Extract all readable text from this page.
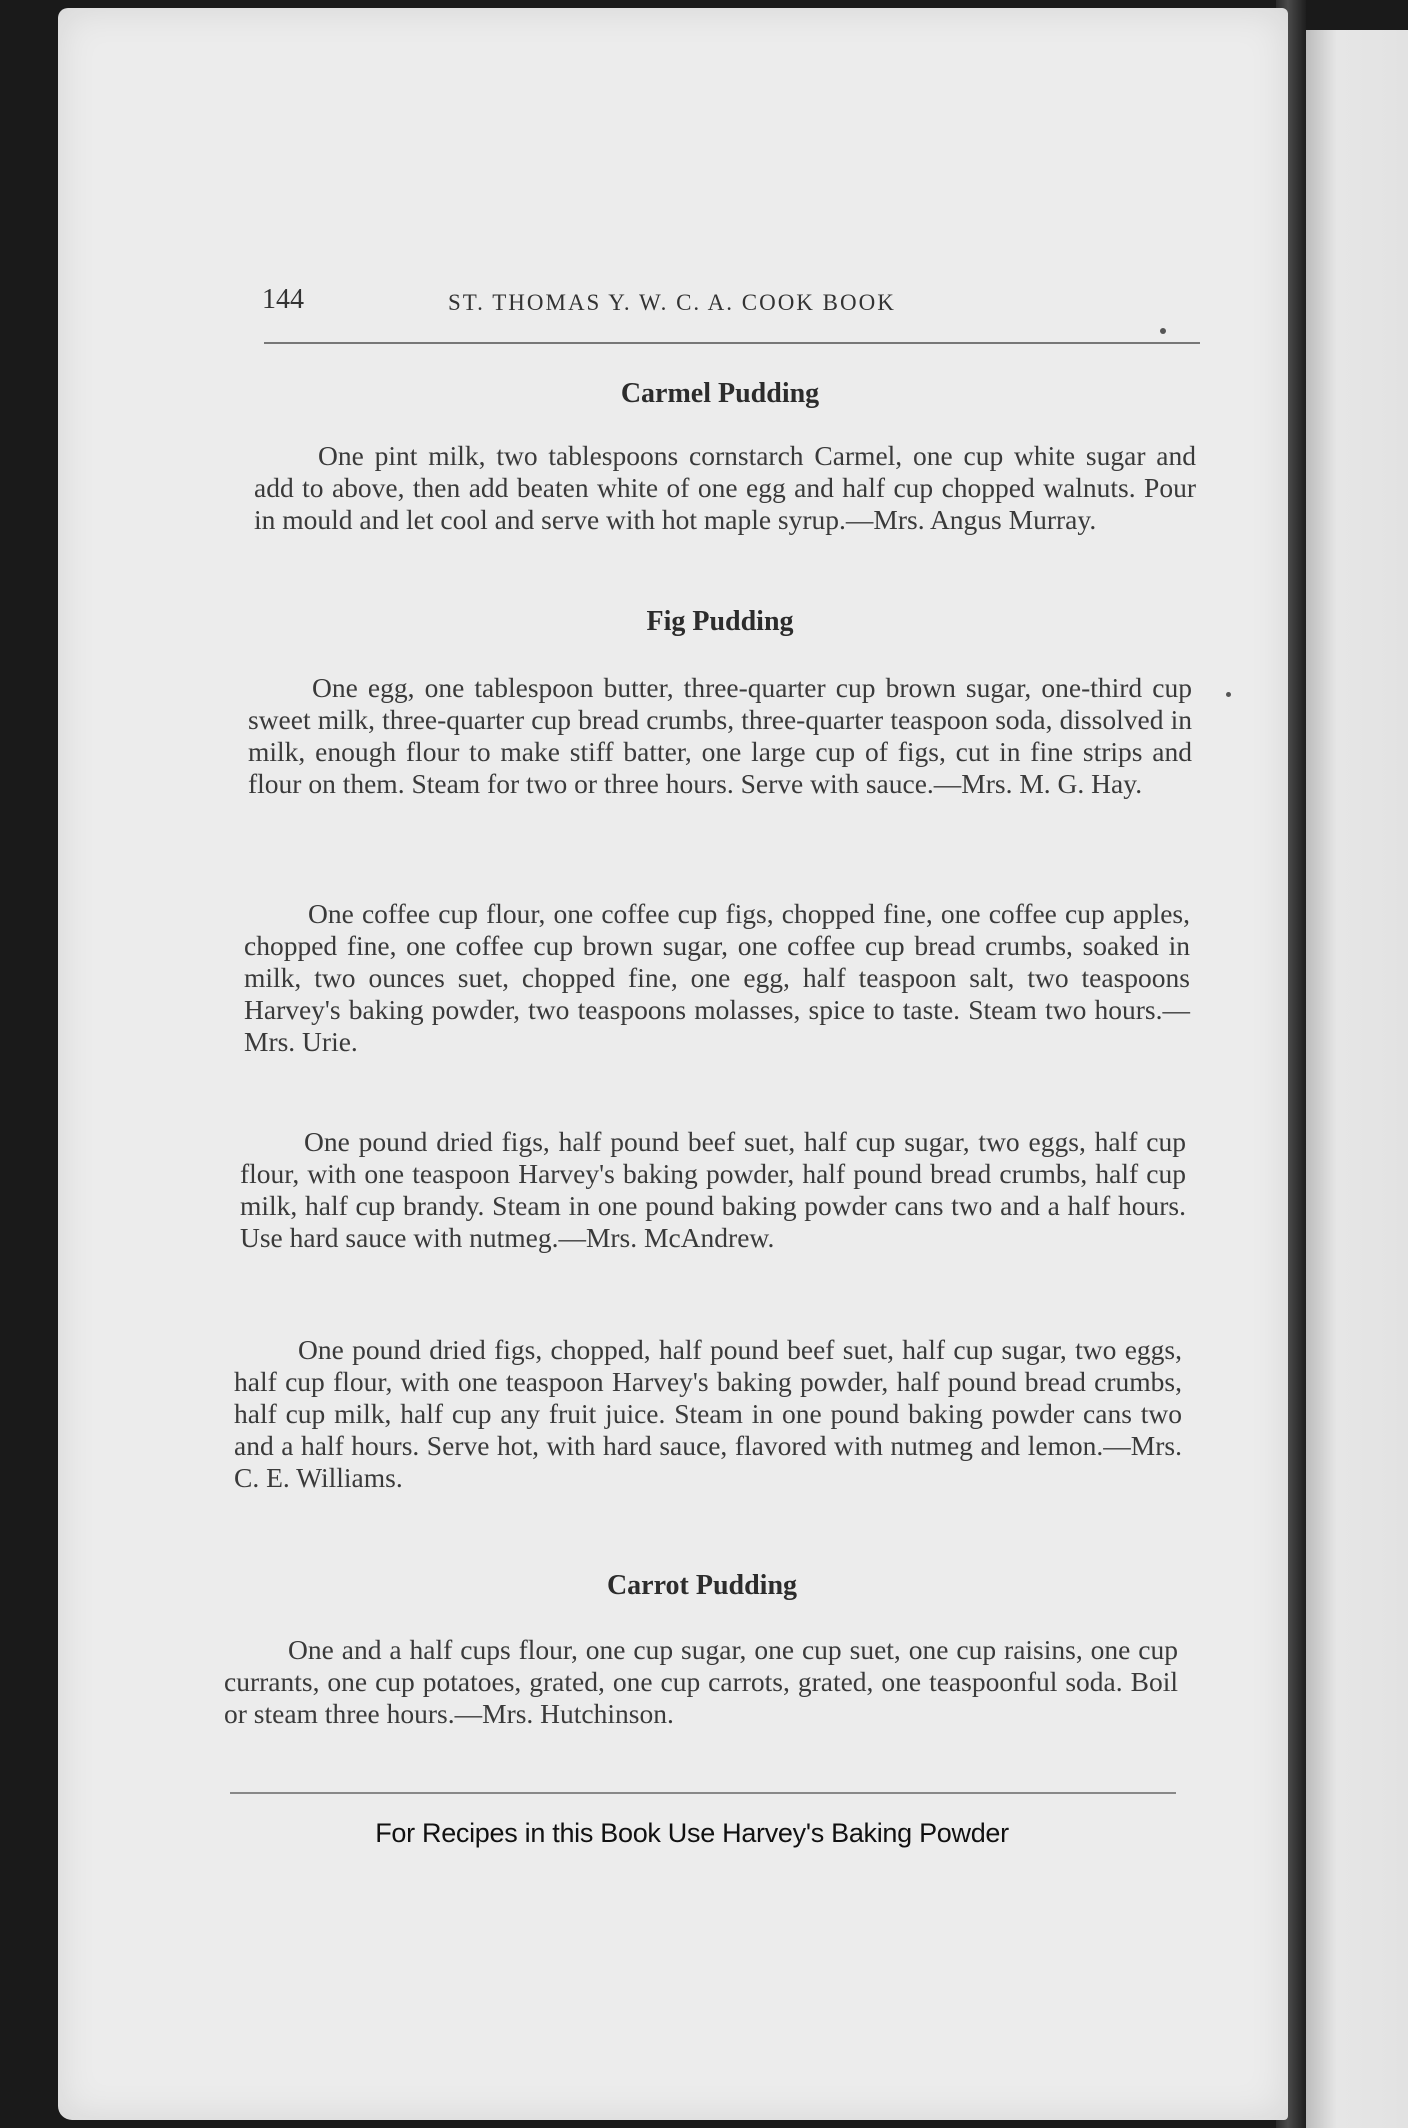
144	ST. THOMAS Y. W. C. A. COOK BOOK
Carmel Pudding

One pint milk, two tablespoons cornstarch Carmel, one cup white sugar and add to above, then add beaten white of one egg and half cup chopped walnuts. Pour in mould and let cool and serve with hot maple syrup.—Mrs. Angus Murray.

Fig Pudding

One egg, one tablespoon butter, three-quarter cup brown sugar, one-third cup sweet milk, three-quarter cup bread crumbs, three-quarter teaspoon soda, dissolved in milk, enough flour to make stiff batter, one large cup of figs, cut in fine strips and flour on them. Steam for two or three hours. Serve with sauce.—Mrs. M. G. Hay.

One coffee cup flour, one coffee cup figs, chopped fine, one coffee cup apples, chopped fine, one coffee cup brown sugar, one coffee cup bread crumbs, soaked in milk, two ounces suet, chopped fine, one egg, half teaspoon salt, two teaspoons Harvey's baking powder, two teaspoons molasses, spice to taste. Steam two hours.—Mrs. Urie.

One pound dried figs, half pound beef suet, half cup sugar, two eggs, half cup flour, with one teaspoon Harvey's baking powder, half pound bread crumbs, half cup milk, half cup brandy. Steam in one pound baking powder cans two and a half hours. Use hard sauce with nutmeg.—Mrs. McAndrew.

One pound dried figs, chopped, half pound beef suet, half cup sugar, two eggs, half cup flour, with one teaspoon Harvey's baking powder, half pound bread crumbs, half cup milk, half cup any fruit juice. Steam in one pound baking powder cans two and a half hours. Serve hot, with hard sauce, flavored with nutmeg and lemon.—Mrs. C. E. Williams.

Carrot Pudding

One and a half cups flour, one cup sugar, one cup suet, one cup raisins, one cup currants, one cup potatoes, grated, one cup carrots, grated, one teaspoonful soda. Boil or steam three hours.—Mrs. Hutchinson.

For Recipes in this Book Use Harvey's Baking Powder
